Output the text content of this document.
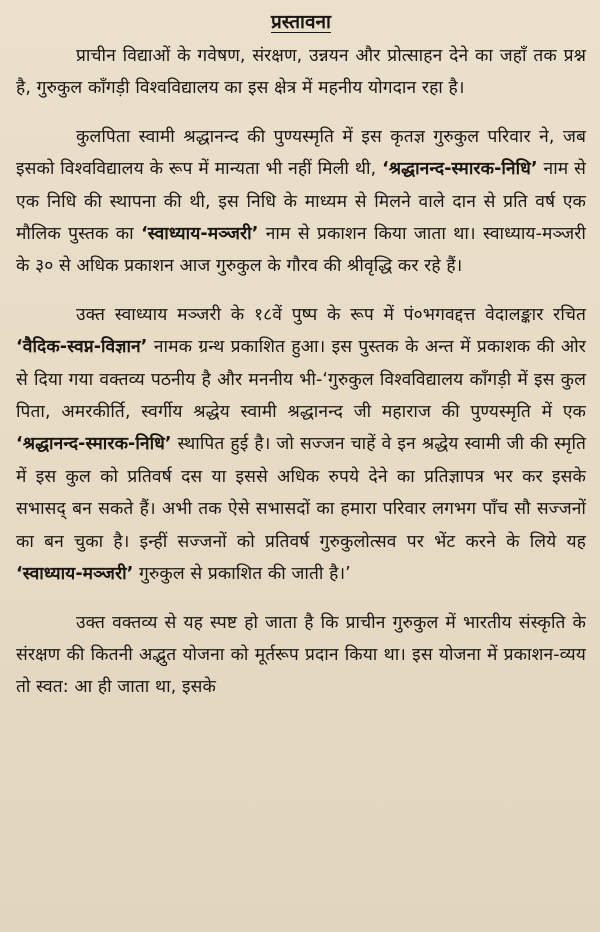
प्रस्तावना

प्राचीन विद्याओं के गवेषण, संरक्षण, उन्नयन और प्रोत्साहन देने का जहाँ तक प्रश्न है, गुरुकुल काँगड़ी विश्वविद्यालय का इस क्षेत्र में महनीय योगदान रहा है।

कुलपिता स्वामी श्रद्धानन्द की पुण्यस्मृति में इस कृतज्ञ गुरुकुल परिवार ने, जब इसको विश्वविद्यालय के रूप में मान्यता भी नहीं मिली थी, ‘श्रद्धानन्द-स्मारक-निधि’ नाम से एक निधि की स्थापना की थी, इस निधि के माध्यम से मिलने वाले दान से प्रति वर्ष एक मौलिक पुस्तक का ‘स्वाध्याय-मञ्जरी’ नाम से प्रकाशन किया जाता था। स्वाध्याय-मञ्जरी के ३० से अधिक प्रकाशन आज गुरुकुल के गौरव की श्रीवृद्धि कर रहे हैं।

उक्त स्वाध्याय मञ्जरी के १८वें पुष्प के रूप में पं०भगवद्दत्त वेदालङ्कार रचित ‘वैदिक-स्वप्न-विज्ञान’ नामक ग्रन्थ प्रकाशित हुआ। इस पुस्तक के अन्त में प्रकाशक की ओर से दिया गया वक्तव्य पठनीय है और मननीय भी-‘गुरुकुल विश्वविद्यालय काँगड़ी में इस कुल पिता, अमरकीर्ति, स्वर्गीय श्रद्धेय स्वामी श्रद्धानन्द जी महाराज की पुण्यस्मृति में एक ‘श्रद्धानन्द-स्मारक-निधि’ स्थापित हुई है। जो सज्जन चाहें वे इन श्रद्धेय स्वामी जी की स्मृति में इस कुल को प्रतिवर्ष दस या इससे अधिक रुपये देने का प्रतिज्ञापत्र भर कर इसके सभासद् बन सकते हैं। अभी तक ऐसे सभासदों का हमारा परिवार लगभग पाँच सौ सज्जनों का बन चुका है। इन्हीं सज्जनों को प्रतिवर्ष गुरुकुलोत्सव पर भेंट करने के लिये यह ‘स्वाध्याय-मञ्जरी’ गुरुकुल से प्रकाशित की जाती है।’

उक्त वक्तव्य से यह स्पष्ट हो जाता है कि प्राचीन गुरुकुल में भारतीय संस्कृति के संरक्षण की कितनी अद्भुत योजना को मूर्तरूप प्रदान किया था। इस योजना में प्रकाशन-व्यय तो स्वत: आ ही जाता था, इसके
